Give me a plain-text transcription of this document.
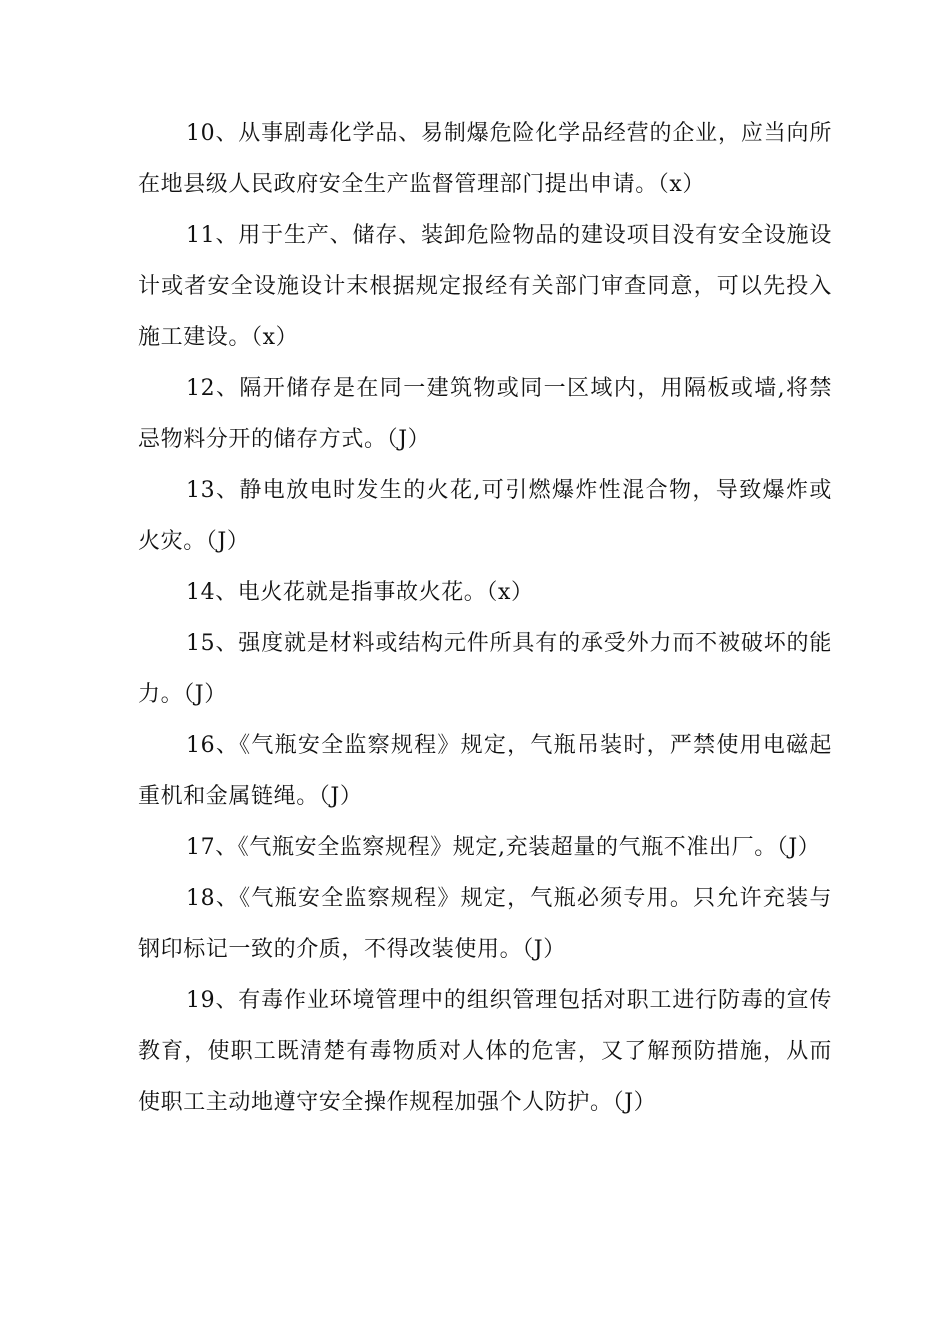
10、从事剧毒化学品、易制爆危险化学品经营的企业，应当向所在地县级人民政府安全生产监督管理部门提出申请。（x）

11、用于生产、储存、装卸危险物品的建设项目没有安全设施设计或者安全设施设计末根据规定报经有关部门审查同意，可以先投入施工建设。（x）

12、隔开储存是在同一建筑物或同一区域内，用隔板或墙,将禁忌物料分开的储存方式。（J）

13、静电放电时发生的火花,可引燃爆炸性混合物，导致爆炸或火灾。（J）

14、电火花就是指事故火花。（x）

15、强度就是材料或结构元件所具有的承受外力而不被破坏的能力。（J）

16、《气瓶安全监察规程》规定，气瓶吊装时，严禁使用电磁起重机和金属链绳。（J）

17、《气瓶安全监察规程》规定,充装超量的气瓶不准出厂。（J）

18、《气瓶安全监察规程》规定，气瓶必须专用。只允许充装与钢印标记一致的介质，不得改装使用。（J）

19、有毒作业环境管理中的组织管理包括对职工进行防毒的宣传教育，使职工既清楚有毒物质对人体的危害，又了解预防措施，从而使职工主动地遵守安全操作规程加强个人防护。（J）
